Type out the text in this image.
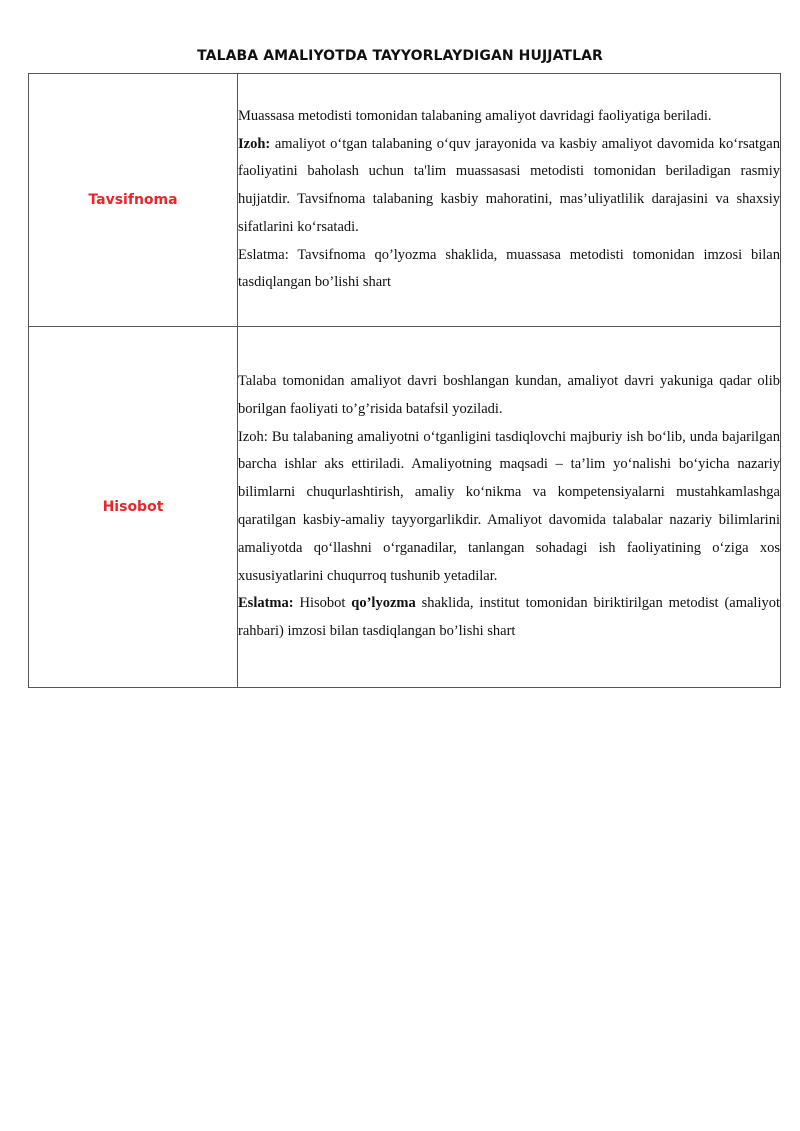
TALABA AMALIYOTDA TAYYORLAYDIGAN HUJJATLAR
Tavsifnoma	Muassasa metodisti tomonidan talabaning amaliyot davridagi faoliyatiga beriladi.

Izoh: amaliyot o‘tgan talabaning o‘quv jarayonida va kasbiy amaliyot davomida ko‘rsatgan faoliyatini baholash uchun ta'lim muassasasi metodisti tomonidan beriladigan rasmiy hujjatdir. Tavsifnoma talabaning kasbiy mahoratini, mas’uliyatlilik darajasini va shaxsiy sifatlarini ko‘rsatadi.

Eslatma: Tavsifnoma qo’lyozma shaklida, muassasa metodisti tomonidan imzosi bilan tasdiqlangan bo’lishi shart

Hisobot	Talaba tomonidan amaliyot davri boshlangan kundan, amaliyot davri yakuniga qadar olib borilgan faoliyati to’g’risida batafsil yoziladi.

Izoh: Bu talabaning amaliyotni o‘tganligini tasdiqlovchi majburiy ish bo‘lib, unda bajarilgan barcha ishlar aks ettiriladi. Amaliyotning maqsadi – ta’lim yo‘nalishi bo‘yicha nazariy bilimlarni chuqurlashtirish, amaliy ko‘nikma va kompetensiyalarni mustahkamlashga qaratilgan kasbiy-amaliy tayyorgarlikdir. Amaliyot davomida talabalar nazariy bilimlarini amaliyotda qo‘llashni o‘rganadilar, tanlangan sohadagi ish faoliyatining o‘ziga xos xususiyatlarini chuqurroq tushunib yetadilar.

Eslatma: Hisobot qo’lyozma shaklida, institut tomonidan biriktirilgan metodist (amaliyot rahbari) imzosi bilan tasdiqlangan bo’lishi shart
